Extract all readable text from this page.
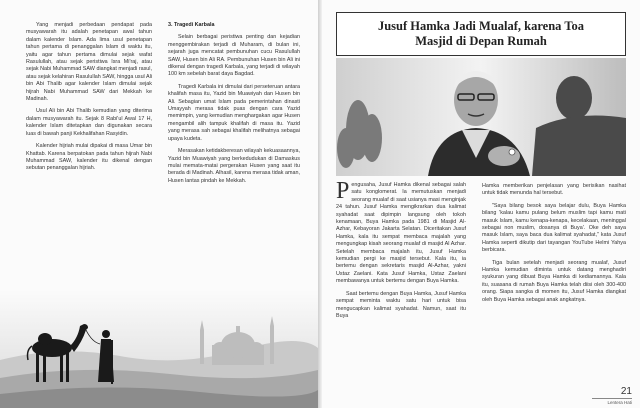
Yang menjadi perbedaan pendapat pada musyawarah itu adalah penetapan awal tahun dalam kalender Islam. Ada lima usul penetapan tahun pertama di penanggalan Islam di waktu itu, yaitu agar tahun pertama dimulai sejak wafat Rasulullah, atau sejak peristiwa Isra Mi'raj, atau sejak Nabi Muhammad SAW diangkat menjadi rasul, atau sejak kelahiran Rasulullah SAW, hingga usul Ali bin Abi Thalib agar kalender Islam dimulai sejak hijrah Nabi Muhammad SAW dari Mekkah ke Madinah.

Usul Ali bin Abi Thalib kemudian yang diterima dalam musyawarah itu. Sejak 8 Rabi'ul Awal 17 H, kalender Islam ditetapkan dan digunakan secara luas di bawah panji Kekhalifahan Rasyidin.

Kalender hijriah mulai dipakai di masa Umar bin Khattab. Karena berpatokan pada tahun hijrah Nabi Muhammad SAW, kalender itu dikenal dengan sebutan penanggalan hijriah.

3. Tragedi Karbala

Selain berbagai peristiwa penting dan kejadian menggembirakan terjadi di Muharam, di bulan ini, sejarah juga mencatat pembunuhan cucu Rasulullah SAW, Husen bin Ali RA. Pembunuhan Husen bin Ali ini dikenal dengan tragedi Karbala, yang terjadi di wilayah 100 km sebelah barat daya Bagdad.

Tragedi Karbala ini dimulai dari perseteruan antara khalifah masa itu, Yazid bin Muawiyah dan Husen bin Ali. Sebagian umat Islam pada pemerintahan dinasti Umayyah merasa tidak puas dengan cara Yazid memimpin, yang kemudian menghargakan agar Husen mengambil alih tampuk khalifah di masa itu. Yazid yang merasa sah sebagai khalifah melihatnya sebagai upaya kudeta.

Merasakan ketidakberesan wilayah kekuasaannya, Yazid bin Muawiyah yang berkedudukan di Damaskus mulai memata-matai pergerakan Husen yang saat itu berada di Madinah. Alhasil, karena merasa tidak aman, Husen lantas pindah ke Mekkah.

Jusuf Hamka Jadi Mualaf, karena Toa
Masjid di Depan Rumah

Pengusaha, Jusuf Hamka dikenal sebagai salah satu konglomerat. Ia memutuskan menjadi seorang mualaf di saat usianya masi menginjak 24 tahun. Jusuf Hamka mengikrarkan dua kalimat syahadat saat dipimpin langsung oleh tokoh kenamaan, Buya Hamka pada 1981 di Masjid Al-Azhar, Kebayoran Jakarta Selatan. Diceritakan Jusuf Hamka, kala itu sempat membaca majalah yang mengungkap kisah seorang mualaf di masjid Al Azhar. Setelah membaca majalah itu, Jusuf Hamka kemudian pergi ke masjid tersebut. Kala itu, ia bertemu dengan sekretaris masjid Al-Azhar, yakni Ustaz Zaelani. Kata Jusuf Hamka, Ustaz Zaelani membawanya untuk bertemu dengan Buya Hamka.

Saat bertemu dengan Buya Hamka, Jusuf Hamka sempat meminta waktu satu hari untuk bisa mengucapkan kalimat syahadat. Namun, saat itu Buya

Hamka memberikan penjelasan yang berisikan nasihat untuk tidak menunda hal tersebut.

"Saya bilang besok saya belajar dulu, Buya Hamka bilang 'kalau kamu pulang belum muslim tapi kamu mati masuk Islam, kamu kenapa-kenapa, kecelakaan, meninggal sebagai non muslim, dosanya di Buya'. Oke deh saya masuk Islam, saya baca dua kalimat syahadat," kata Jusuf Hamka seperti dikutip dari tayangan YouTube Helmi Yahya berbicara.

Tiga bulan setelah menjadi seorang mualaf, Jusuf Hamka kemudian diminta untuk datang menghadiri syukuran yang dibuat Buya Hamka di kediamannya. Kala itu, suasana di rumah Buya Hamka telah diisi oleh 300-400 orang. Siapa sangka di momen itu, Jusuf Hamka diangkat oleh Buya Hamka sebagai anak angkatnya.

21
Lentera Hati
